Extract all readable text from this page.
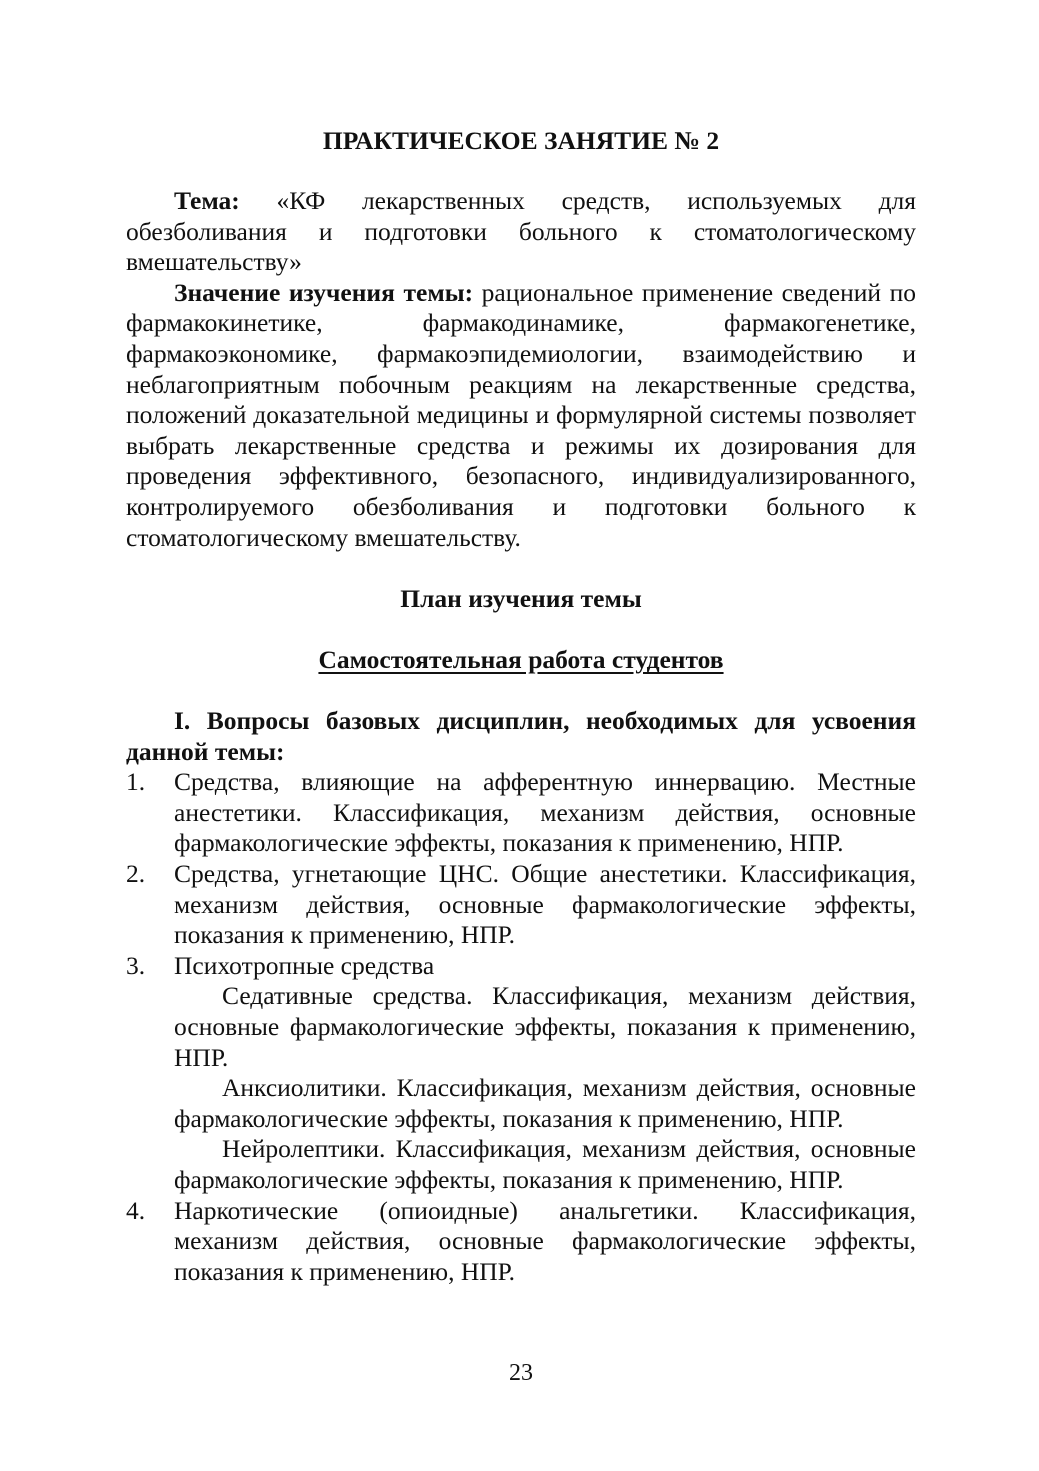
ПРАКТИЧЕСКОЕ ЗАНЯТИЕ № 2

Тема: «КФ лекарственных средств, используемых для обезболивания и подготовки больного к стоматологическому вмешательству»

Значение изучения темы: рациональное применение сведений по фармакокинетике, фармакодинамике, фармакогенетике, фармакоэкономике, фармакоэпидемиологии, взаимодействию и неблагоприятным побочным реакциям на лекарственные средства, положений доказательной медицины и формулярной системы позволяет выбрать лекарственные средства и режимы их дозирования для проведения эффективного, безопасного, индивидуализированного, контролируемого обезболивания и подготовки больного к стоматологическому вмешательству.

План изучения темы
Самостоятельная работа студентов

I. Вопросы базовых дисциплин, необходимых для усвоения данной темы:

1. Средства, влияющие на афферентную иннервацию. Местные анестетики. Классификация, механизм действия, основные фармакологические эффекты, показания к применению, НПР.
2. Средства, угнетающие ЦНС. Общие анестетики. Классификация, механизм действия, основные фармакологические эффекты, показания к применению, НПР.
3. Психотропные средства

Седативные средства. Классификация, механизм действия, основные фармакологические эффекты, показания к применению, НПР.

Анксиолитики. Классификация, механизм действия, основные фармакологические эффекты, показания к применению, НПР.

Нейролептики. Классификация, механизм действия, основные фармакологические эффекты, показания к применению, НПР.

4. Наркотические (опиоидные) анальгетики. Классификация, механизм действия, основные фармакологические эффекты, показания к применению, НПР.
23
